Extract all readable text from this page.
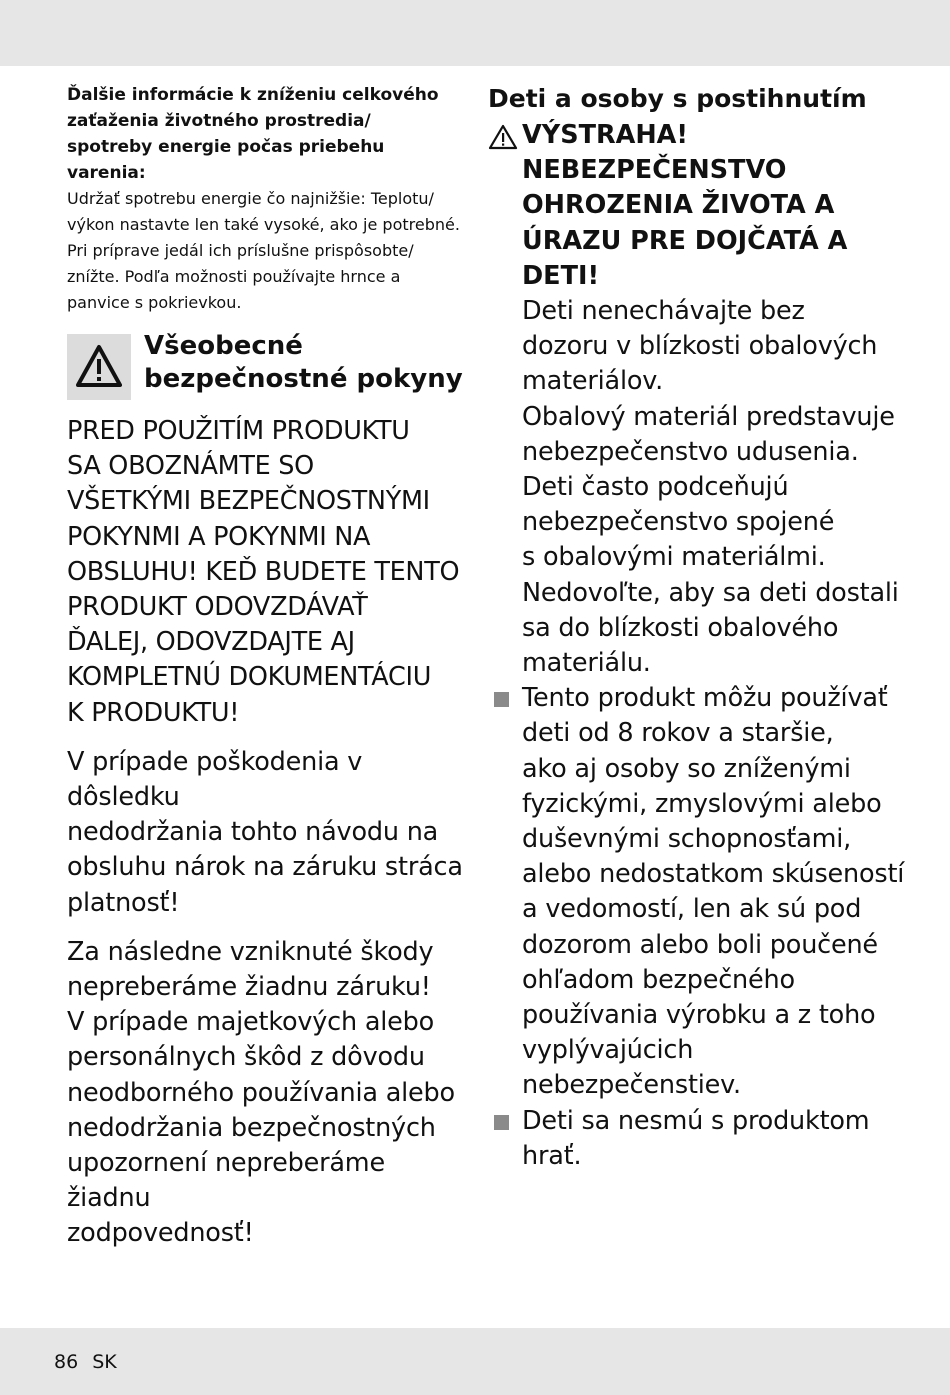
Ďalšie informácie k zníženiu celkového
zaťaženia životného prostredia/
spotreby energie počas priebehu
varenia:

Udržať spotrebu energie čo najnižšie: Teplotu/
výkon nastavte len také vysoké, ako je potrebné.
Pri príprave jedál ich príslušne prispôsobte/
znížte. Podľa možnosti používajte hrnce a
panvice s pokrievkou.

Všeobecné
bezpečnostné pokyny

PRED POUŽITÍM PRODUKTU
SA OBOZNÁMTE SO
VŠETKÝMI BEZPEČNOSTNÝMI
POKYNMI A POKYNMI NA
OBSLUHU! KEĎ BUDETE TENTO
PRODUKT ODOVZDÁVAŤ
ĎALEJ, ODOVZDAJTE AJ
KOMPLETNÚ DOKUMENTÁCIU
K PRODUKTU!

V prípade poškodenia v dôsledku
nedodržania tohto návodu na
obsluhu nárok na záruku stráca
platnosť!

Za následne vzniknuté škody
nepreberáme žiadnu záruku!
V prípade majetkových alebo
personálnych škôd z dôvodu
neodborného používania alebo
nedodržania bezpečnostných
upozornení nepreberáme žiadnu
zodpovednosť!

Deti a osoby s postihnutím

VÝSTRAHA!
NEBEZPEČENSTVO
OHROZENIA ŽIVOTA A
ÚRAZU PRE DOJČATÁ A
DETI!

Deti nenechávajte bez
dozoru v blízkosti obalových
materiálov.
Obalový materiál predstavuje
nebezpečenstvo udusenia.
Deti často podceňujú
nebezpečenstvo spojené
s obalovými materiálmi.
Nedovoľte, aby sa deti dostali
sa do blízkosti obalového
materiálu.

Tento produkt môžu používať
deti od 8 rokov a staršie,
ako aj osoby so zníženými
fyzickými, zmyslovými alebo
duševnými schopnosťami,
alebo nedostatkom skúseností
a vedomostí, len ak sú pod
dozorom alebo boli poučené
ohľadom bezpečného
používania výrobku a z toho
vyplývajúcich nebezpečenstiev.

Deti sa nesmú s produktom
hrať.

86 SK
